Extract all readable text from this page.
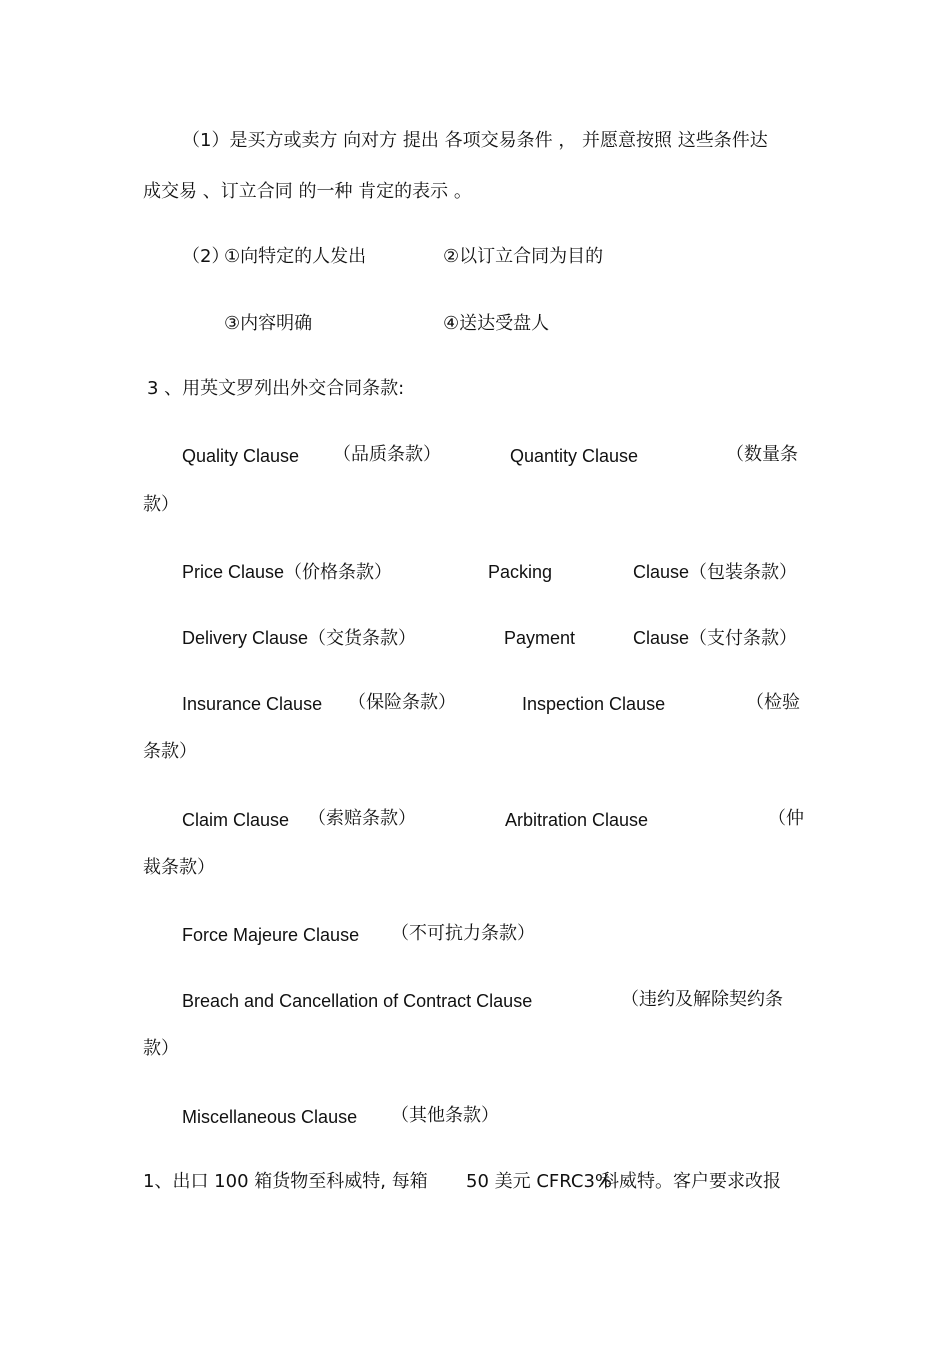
（1）是买方或卖方 向对方 提出 各项交易条件 ， 并愿意按照 这些条件达
成交易 、订立合同 的一种 肯定的表示 。
（2）
①向特定的人发出	②以订立合同为目的
③内容明确	④送达受盘人
3 、用英文罗列出外交合同条款:
Quality Clause （品质条款）	Quantity Clause	（数量条
款）
Price Clause（价格条款）	Packing	Clause（包装条款）
Delivery Clause（交货条款）	Payment	Clause（支付条款）
Insurance Clause （保险条款）	Inspection Clause	（检验
条款）
Claim Clause （索赔条款）	Arbitration Clause	（仲
裁条款）
Force Majeure Clause （不可抗力条款）
Breach and Cancellation of Contract Clause	（违约及解除契约条
款）
Miscellaneous Clause （其他条款）
1、出口 100 箱货物至科威特, 每箱 50 美元 CFRC3%
科威特。客户要求改报
